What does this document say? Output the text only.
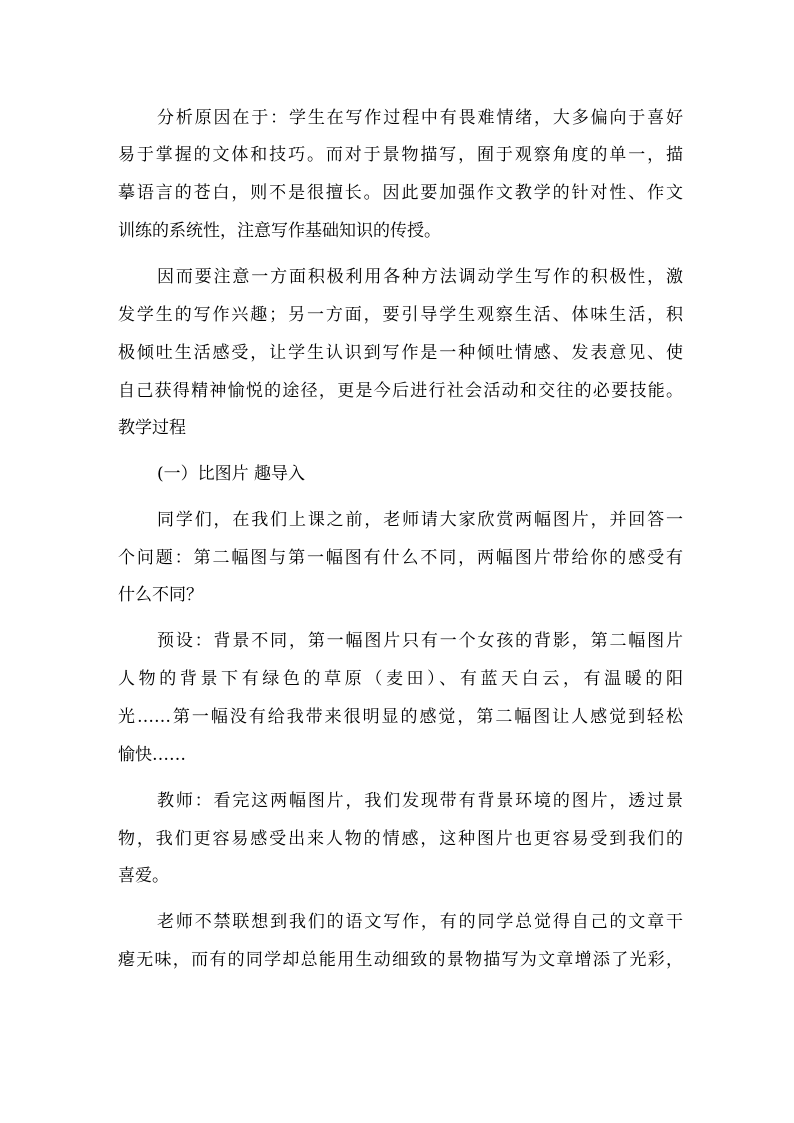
分析原因在于：学生在写作过程中有畏难情绪，大多偏向于喜好
易于掌握的文体和技巧。而对于景物描写，囿于观察角度的单一，描
摹语言的苍白，则不是很擅长。因此要加强作文教学的针对性、作文
训练的系统性，注意写作基础知识的传授。
因而要注意一方面积极利用各种方法调动学生写作的积极性，激
发学生的写作兴趣；另一方面，要引导学生观察生活、体味生活，积
极倾吐生活感受，让学生认识到写作是一种倾吐情感、发表意见、使
自己获得精神愉悦的途径，更是今后进行社会活动和交往的必要技能。
教学过程
(一）比图片 趣导入
同学们，在我们上课之前，老师请大家欣赏两幅图片，并回答一
个问题：第二幅图与第一幅图有什么不同，两幅图片带给你的感受有
什么不同？
预设：背景不同，第一幅图片只有一个女孩的背影，第二幅图片
人物的背景下有绿色的草原（麦田）、有蓝天白云，有温暖的阳
光……第一幅没有给我带来很明显的感觉，第二幅图让人感觉到轻松
愉快……
教师：看完这两幅图片，我们发现带有背景环境的图片，透过景
物，我们更容易感受出来人物的情感，这种图片也更容易受到我们的
喜爱。
老师不禁联想到我们的语文写作，有的同学总觉得自己的文章干
瘪无味，而有的同学却总能用生动细致的景物描写为文章增添了光彩，
